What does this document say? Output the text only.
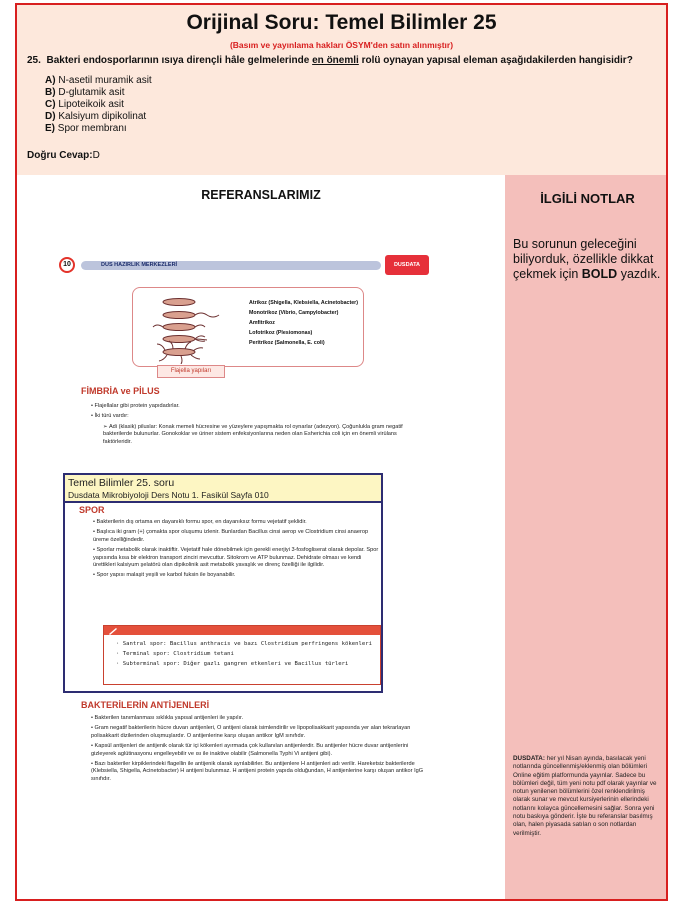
Orijinal Soru: Temel Bilimler 25
(Basım ve yayınlama hakları ÖSYM'den satın alınmıştır)
25. Bakteri endosporlarının ısıya dirençli hâle gelmelerinde en önemli rolü oynayan yapısal eleman aşağıdakilerden hangisidir?
A) N-asetil muramik asit
B) D-glutamik asit
C) Lipoteikoik asit
D) Kalsiyum dipikolinat
E) Spor membranı
Doğru Cevap:D
REFERANSLARIMIZ
10	DUS HAZIRLIK MERKEZLERİ	DUSDATA
Atrikoz (Shigella, Klebsiella, Acinetobacter)
Monotrikoz (Vibrio, Campylobacter)
Amfitrikoz
Lofotrikoz (Plesiomonas)
Peritrikoz (Salmonella, E. coli)
Flajella yapıları
FİMBRİA ve PİLUS

• Flajellalar gibi protein yapıdadırlar.

• İki türü vardır:

➢ Adi (klasik) piluslar: Konak memeli hücresine ve yüzeylere yapışmakta rol oynarlar (adezyon). Çoğunlukla gram negatif bakterilerde bulunurlar. Gonokoklar ve üriner sistem enfeksiyonlarına neden olan Esherichia coli için en önemli virülans faktörleridir.

Temel Bilimler 25. soru
Dusdata Mikrobiyoloji Ders Notu 1. Fasikül Sayfa 010
SPOR

• Bakterilerin dış ortama en dayanıklı formu spor, en dayanıksız formu vejetatif şeklidir.

• Başlıca iki gram (+) çomakta spor oluşumu izlenir. Bunlardan Bacillus cinsi aerop ve Clostridium cinsi anaerop üreme özelliğindedir.

• Sporlar metabolik olarak inaktiftir. Vejetatif hale dönebilmek için gerekli enerjiyi 3-fosfogliserat olarak depolar. Spor yapısında kısa bir elektron transport zinciri mevcuttur. Sitokrom ve ATP bulunmaz. Dehidrate olması ve kendi ürettikleri kalsiyum şelatörü olan dipikolinik asit metabolik yavaşlık ve direnç özelliği ile ilgilidir.

• Spor yapısı malaşit yeşili ve karbol fuksin ile boyanabilir.

· Santral spor: Bacillus anthracis ve bazı Clostridium perfringens kökenleri
· Terminal spor: Clostridium tetani
· Subterminal spor: Diğer gazlı gangren etkenleri ve Bacillus türleri
BAKTERİLERİN ANTİJENLERİ

• Bakterilen tanımlanması sıklıkla yapısal antijenleri ile yapılır.

• Gram negatif bakterilerin hücre duvarı antijenleri, O antijeni olarak isimlendirilir ve lipopolisakkarit yapısında yer alan tekrarlayan polisakkarit dizilerinden oluşmuşlardır. O antijenlerine karşı oluşan antikor IgM sınıfıdır.

• Kapsül antijenleri de antijenik olarak tür içi kökenleri ayırmada çok kullanılan antijenlerdir. Bu antijenler hücre duvar antijenlerini gizleyerek aglütinasyonu engelleyebilir ve ısı ile inaktive olabilir (Salmonella Typhi Vi antijeni gibi).

• Bazı bakteriler kirpiklerindeki flagellin ile antijenik olarak ayrılabilirler. Bu antijenlere H antijenleri adı verilir. Hareketsiz bakterilerde (Klebsiella, Shigella, Acinetobacter) H antijeni bulunmaz. H antijeni protein yapıda olduğundan, H antijenlerine karşı oluşan antikor IgG sınıfıdır.

İLGİLİ NOTLAR
Bu sorunun geleceğini biliyorduk, özellikle dikkat çekmek için BOLD yazdık.
DUSDATA: her yıl Nisan ayında, basılacak yeni notlarında güncellenmiş/eklenmiş olan bölümleri Online eğitim platformunda yayınlar. Sadece bu bölümleri değil, tüm yeni notu pdf olarak yayınlar ve notun yenilenen bölümlerini özel renklendirilmiş olarak sunar ve mevcut kursiyerlerinin ellerindeki notlarını kolayca güncellemesini sağlar. Sonra yeni notu baskıya gönderir. İşte bu referanslar basılmış olan, halen piyasada satılan o son notlardan verilmiştir.
